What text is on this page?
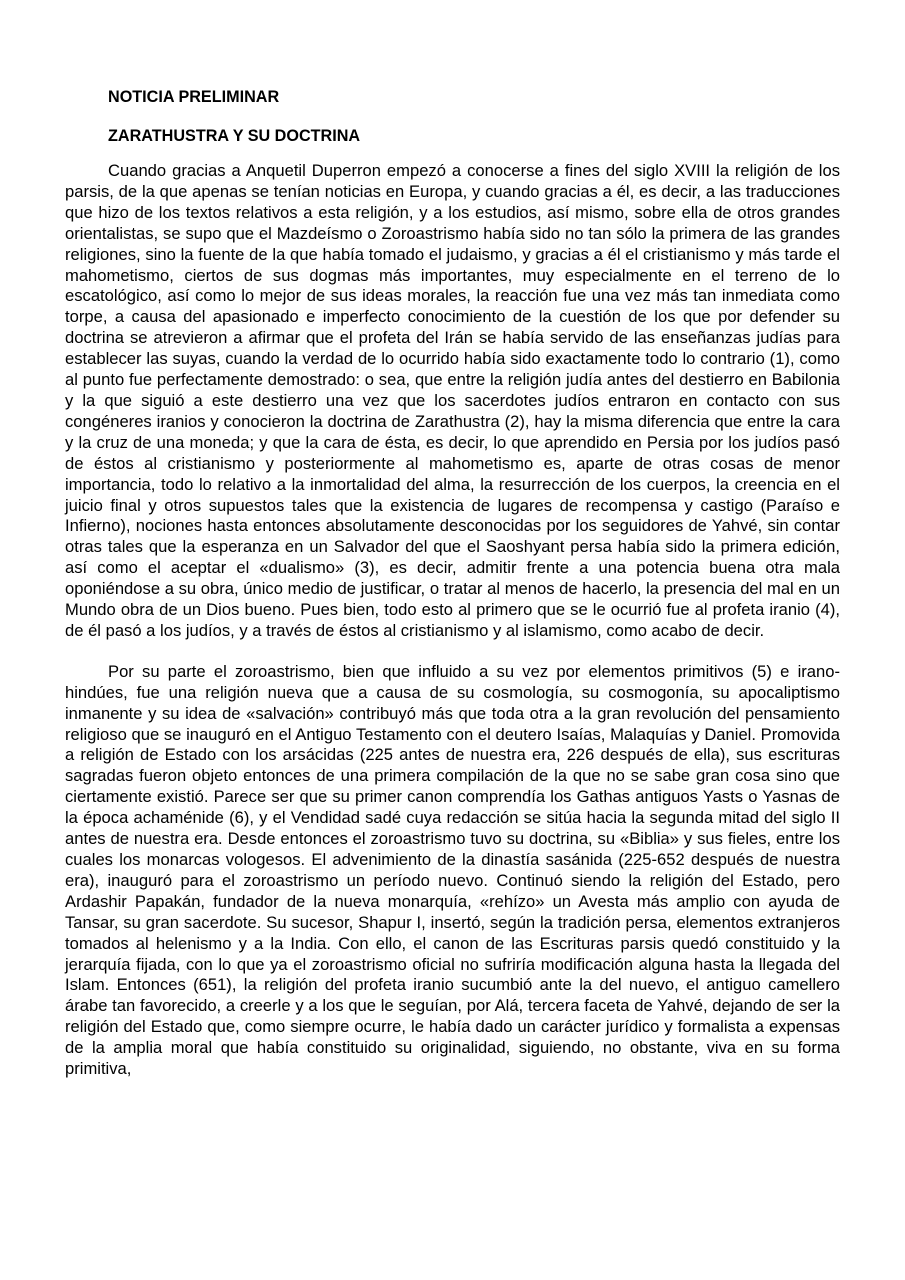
NOTICIA PRELIMINAR

ZARATHUSTRA Y SU DOCTRINA

Cuando gracias a Anquetil Duperron empezó a conocerse a fines del siglo XVIII la religión de los parsis, de la que apenas se tenían noticias en Europa, y cuando gracias a él, es decir, a las traducciones que hizo de los textos relativos a esta religión, y a los estudios, así mismo, sobre ella de otros grandes orientalistas, se supo que el Mazdeísmo o Zoroastrismo había sido no tan sólo la primera de las grandes religiones, sino la fuente de la que había tomado el judaismo, y gracias a él el cristianismo y más tarde el mahometismo, ciertos de sus dogmas más importantes, muy especialmente en el terreno de lo escatológico, así como lo mejor de sus ideas morales, la reacción fue una vez más tan inmediata como torpe, a causa del apasionado e imperfecto conocimiento de la cuestión de los que por defender su doctrina se atrevieron a afirmar que el profeta del Irán se había servido de las enseñanzas judías para establecer las suyas, cuando la verdad de lo ocurrido había sido exactamente todo lo contrario (1), como al punto fue perfectamente demostrado: o sea, que entre la religión judía antes del destierro en Babilonia y la que siguió a este destierro una vez que los sacerdotes judíos entraron en contacto con sus congéneres iranios y conocieron la doctrina de Zarathustra (2), hay la misma diferencia que entre la cara y la cruz de una moneda; y que la cara de ésta, es decir, lo que aprendido en Persia por los judíos pasó de éstos al cristianismo y posteriormente al mahometismo es, aparte de otras cosas de menor importancia, todo lo relativo a la inmortalidad del alma, la resurrección de los cuerpos, la creencia en el juicio final y otros supuestos tales que la existencia de lugares de recompensa y castigo (Paraíso e Infierno), nociones hasta entonces absolutamente desconocidas por los seguidores de Yahvé, sin contar otras tales que la esperanza en un Salvador del que el Saoshyant persa había sido la primera edición, así como el aceptar el «dualismo» (3), es decir, admitir frente a una potencia buena otra mala oponiéndose a su obra, único medio de justificar, o tratar al menos de hacerlo, la presencia del mal en un Mundo obra de un Dios bueno. Pues bien, todo esto al primero que se le ocurrió fue al profeta iranio (4), de él pasó a los judíos, y a través de éstos al cristianismo y al islamismo, como acabo de decir.

Por su parte el zoroastrismo, bien que influido a su vez por elementos primitivos (5) e irano-hindúes, fue una religión nueva que a causa de su cosmología, su cosmogonía, su apocaliptismo inmanente y su idea de «salvación» contribuyó más que toda otra a la gran revolución del pensamiento religioso que se inauguró en el Antiguo Testamento con el deutero Isaías, Malaquías y Daniel. Promovida a religión de Estado con los arsácidas (225 antes de nuestra era, 226 después de ella), sus escrituras sagradas fueron objeto entonces de una primera compilación de la que no se sabe gran cosa sino que ciertamente existió. Parece ser que su primer canon comprendía los Gathas antiguos Yasts o Yasnas de la época achaménide (6), y el Vendidad sadé cuya redacción se sitúa hacia la segunda mitad del siglo II antes de nuestra era. Desde entonces el zoroastrismo tuvo su doctrina, su «Biblia» y sus fieles, entre los cuales los monarcas vologesos. El advenimiento de la dinastía sasánida (225-652 después de nuestra era), inauguró para el zoroastrismo un período nuevo. Continuó siendo la religión del Estado, pero Ardashir Papakán, fundador de la nueva monarquía, «rehízo» un Avesta más amplio con ayuda de Tansar, su gran sacerdote. Su sucesor, Shapur I, insertó, según la tradición persa, elementos extranjeros tomados al helenismo y a la India. Con ello, el canon de las Escrituras parsis quedó constituido y la jerarquía fijada, con lo que ya el zoroastrismo oficial no sufriría modificación alguna hasta la llegada del Islam. Entonces (651), la religión del profeta iranio sucumbió ante la del nuevo, el antiguo camellero árabe tan favorecido, a creerle y a los que le seguían, por Alá, tercera faceta de Yahvé, dejando de ser la religión del Estado que, como siempre ocurre, le había dado un carácter jurídico y formalista a expensas de la amplia moral que había constituido su originalidad, siguiendo, no obstante, viva en su forma primitiva,
